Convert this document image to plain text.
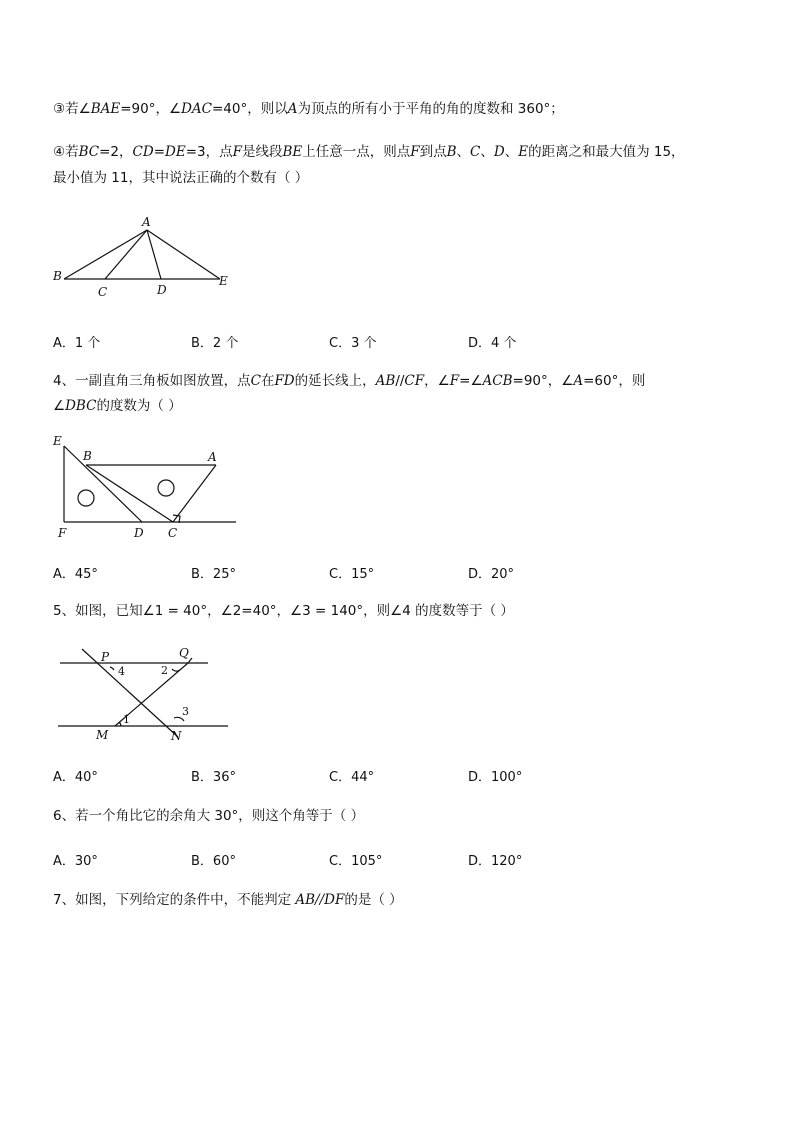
③若∠BAE=90°，∠DAC=40°，则以A为顶点的所有小于平角的角的度数和 360°；
④若BC=2，CD=DE=3，点F是线段BE上任意一点，则点F到点B、C、D、E的距离之和最大值为 15，
最小值为 11，其中说法正确的个数有（ ）
A
B
C	D
E
A．1 个	B．2 个	C．3 个	D．4 个
4、一副直角三角板如图放置，点C在FD的延长线上，AB//CF，∠F=∠ACB=90°，∠A=60°，则
∠DBC的度数为（ ）
E
B	A
F	D C
A．45°	B．25°	C．15°	D．20°
5、如图，已知∠1 = 40°，∠2=40°，∠3 = 140°，则∠4 的度数等于（ ）
P	Q
M	N
1
2
3
4
A．40°	B．36°	C．44°	D．100°
6、若一个角比它的余角大 30°，则这个角等于（ ）
A．30°	B．60°	C．105°	D．120°
7、如图，下列给定的条件中，不能判定 AB//DF的是（ ）
